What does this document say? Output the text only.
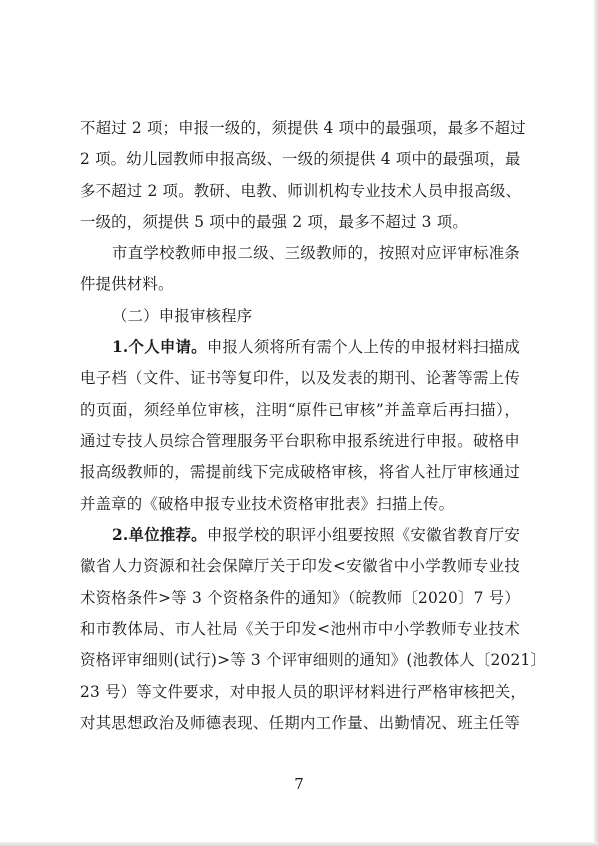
不超过 2 项；申报一级的，须提供 4 项中的最强项，最多不超过
2 项。幼儿园教师申报高级、一级的须提供 4 项中的最强项，最
多不超过 2 项。教研、电教、师训机构专业技术人员申报高级、
一级的，须提供 5 项中的最强 2 项，最多不超过 3 项。
市直学校教师申报二级、三级教师的，按照对应评审标准条
件提供材料。
（二）申报审核程序
1.个人申请。申报人须将所有需个人上传的申报材料扫描成
电子档（文件、证书等复印件，以及发表的期刊、论著等需上传
的页面，须经单位审核，注明“原件已审核”并盖章后再扫描），
通过专技人员综合管理服务平台职称申报系统进行申报。破格申
报高级教师的，需提前线下完成破格审核，将省人社厅审核通过
并盖章的《破格申报专业技术资格审批表》扫描上传。
2.单位推荐。申报学校的职评小组要按照《安徽省教育厅安
徽省人力资源和社会保障厅关于印发<安徽省中小学教师专业技
术资格条件>等 3 个资格条件的通知》（皖教师〔2020〕7 号）
和市教体局、市人社局《关于印发<池州市中小学教师专业技术
资格评审细则(试行)>等 3 个评审细则的通知》(池教体人〔2021〕
23 号）等文件要求，对申报人员的职评材料进行严格审核把关，
对其思想政治及师德表现、任期内工作量、出勤情况、班主任等
7
